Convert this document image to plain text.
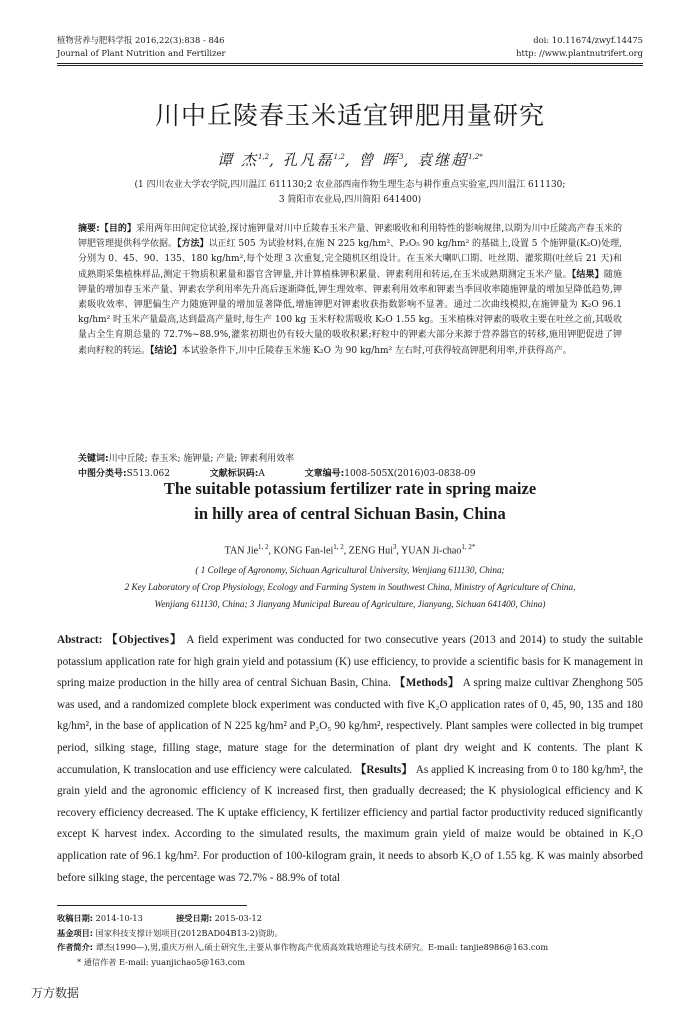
植物营养与肥料学报 2016,22(3):838 - 846
Journal of Plant Nutrition and Fertilizer
doi: 10.11674/zwyf.14475
http: //www.plantnutrifert.org
川中丘陵春玉米适宜钾肥用量研究
谭 杰$^{1,2}$, 孔凡磊$^{1,2}$, 曾 晖$^3$, 袁继超$^{1,2*}$
(1 四川农业大学农学院,四川温江 611130;2 农业部西南作物生理生态与耕作重点实验室,四川温江 611130;
3 简阳市农业局,四川简阳 641400)
摘要:【目的】采用两年田间定位试验,探讨施钾量对川中丘陵春玉米产量、钾素吸收和利用特性的影响规律,以期为川中丘陵高产春玉米的钾肥管理提供科学依据。【方法】以正红 505 为试验材料,在施 N 225 kg/hm²、P₂O₅ 90 kg/hm² 的基础上,设置 5 个施钾量(K₂O)处理,分别为 0、45、90、135、180 kg/hm²,每个处理 3 次重复,完全随机区组设计。在玉米大喇叭口期、吐丝期、灌浆期(吐丝后 21 天)和成熟期采集植株样品,测定干物质积累量和器官含钾量,并计算植株钾积累量、钾素利用和转运,在玉米成熟期测定玉米产量。【结果】随施钾量的增加春玉米产量、钾素农学利用率先升高后逐渐降低,钾生理效率、钾素利用效率和钾素当季回收率随施钾量的增加呈降低趋势,钾素吸收效率、钾肥偏生产力随施钾量的增加显著降低,增施钾肥对钾素收获指数影响不显著。通过二次曲线模拟,在施钾量为 K₂O 96.1 kg/hm² 时玉米产量最高,达到最高产量时,每生产 100 kg 玉米籽粒需吸收 K₂O 1.55 kg。玉米植株对钾素的吸收主要在吐丝之前,其吸收量占全生育期总量的 72.7%~88.9%,灌浆初期也仍有较大量的吸收积累;籽粒中的钾素大部分来源于营养器官的转移,施用钾肥促进了钾素向籽粒的转运。【结论】本试验条件下,川中丘陵春玉米施 K₂O 为 90 kg/hm² 左右时,可获得较高钾肥利用率,并获得高产。
关键词:川中丘陵; 春玉米; 施钾量; 产量; 钾素利用效率
中图分类号:S513.062	文献标识码:A	文章编号:1008-505X(2016)03-0838-09
The suitable potassium fertilizer rate in spring maize
in hilly area of central Sichuan Basin, China
TAN Jie$^{1, 2}$, KONG Fan-lei$^{1, 2}$, ZENG Hui$^3$, YUAN Ji-chao$^{1, 2*}$
( 1 College of Agronomy, Sichuan Agricultural University, Wenjiang 611130, China;
2 Key Laboratory of Crop Physiology, Ecology and Farming System in Southwest China, Ministry of Agriculture of China,
Wenjiang 611130, China; 3 Jianyang Municipal Bureau of Agriculture, Jianyang, Sichuan 641400, China)
Abstract: 【Objectives】 A field experiment was conducted for two consecutive years (2013 and 2014) to study the suitable potassium application rate for high grain yield and potassium (K) use efficiency, to provide a scientific basis for K management in spring maize production in the hilly area of central Sichuan Basin, China. 【Methods】 A spring maize cultivar Zhenghong 505 was used, and a randomized complete block experiment was conducted with five K₂O application rates of 0, 45, 90, 135 and 180 kg/hm², in the base of application of N 225 kg/hm² and P₂O₅ 90 kg/hm², respectively. Plant samples were collected in big trumpet period, silking stage, filling stage, mature stage for the determination of plant dry weight and K contents. The plant K accumulation, K translocation and use efficiency were calculated. 【Results】 As applied K increasing from 0 to 180 kg/hm², the grain yield and the agronomic efficiency of K increased first, then gradually decreased; the K physiological efficiency and K recovery efficiency decreased. The K uptake efficiency, K fertilizer efficiency and partial factor productivity reduced significantly except K harvest index. According to the simulated results, the maximum grain yield of maize would be obtained in K₂O application rate of 96.1 kg/hm². For production of 100-kilogram grain, it needs to absorb K₂O of 1.55 kg. K was mainly absorbed before silking stage, the percentage was 72.7% - 88.9% of total
收稿日期: 2014-10-13	接受日期: 2015-03-12
基金项目: 国家科技支撑计划项目(2012BAD04B13-2)资助。
作者简介: 谭杰(1990—),男,重庆万州人,硕士研究生,主要从事作物高产优质高效栽培理论与技术研究。E-mail: tanjie8986@163.com
* 通信作者 E-mail: yuanjichao5@163.com
万方数据
